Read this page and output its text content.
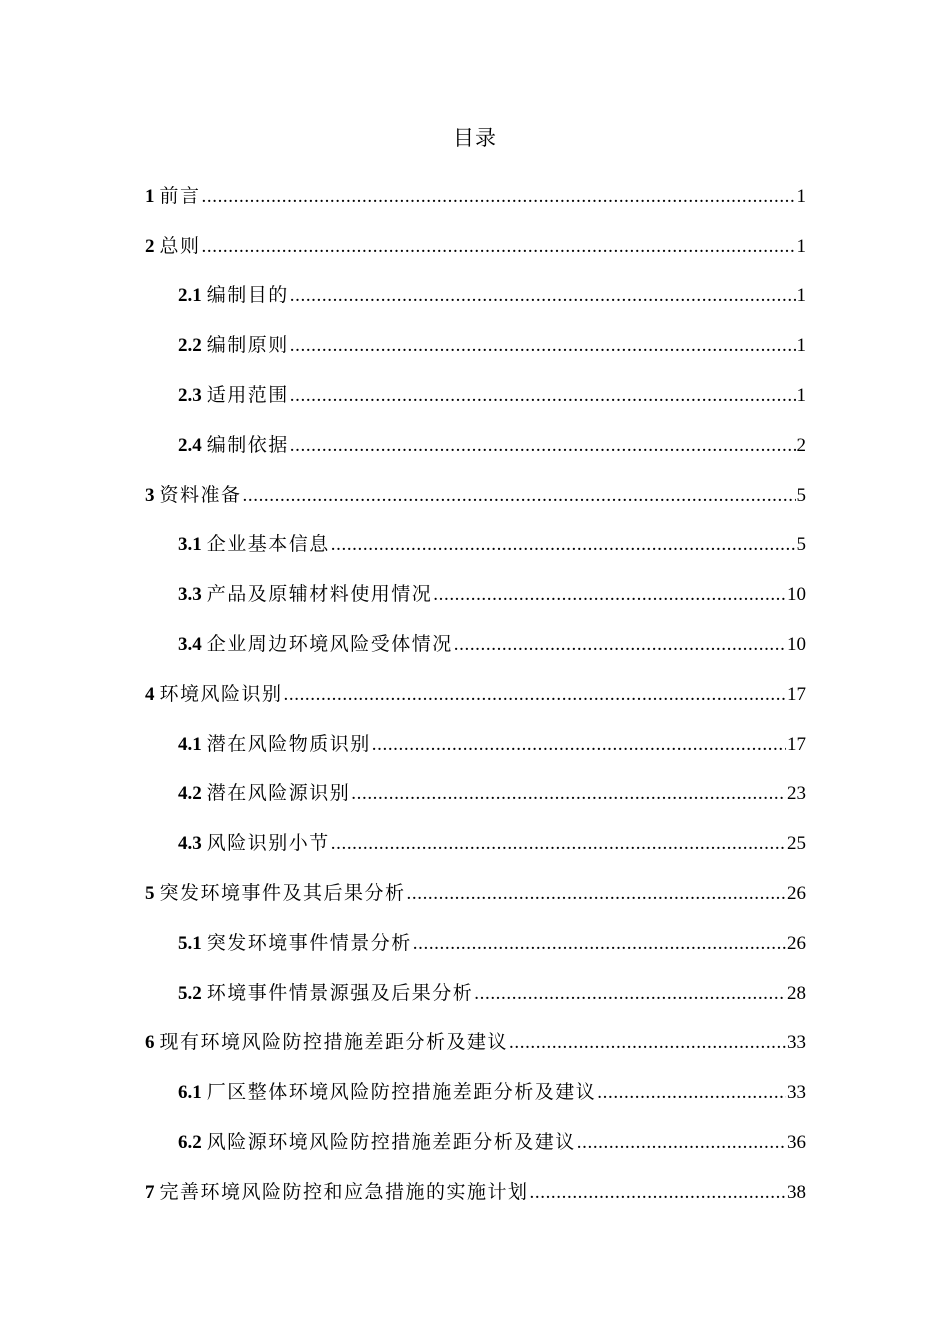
目录
1 前言 .....	1
2 总则 .....	1
2.1 编制目的 .....	1
2.2 编制原则 .....	1
2.3 适用范围 .....	1
2.4 编制依据 .....	2
3 资料准备 .....	5
3.1 企业基本信息 .....	5
3.3 产品及原辅材料使用情况 .....	10
3.4 企业周边环境风险受体情况 .....	10
4 环境风险识别 .....	17
4.1 潜在风险物质识别 .....	17
4.2 潜在风险源识别 .....	23
4.3 风险识别小节 .....	25
5 突发环境事件及其后果分析 .....	26
5.1 突发环境事件情景分析 .....	26
5.2 环境事件情景源强及后果分析 .....	28
6 现有环境风险防控措施差距分析及建议 .....	33
6.1 厂区整体环境风险防控措施差距分析及建议 .....	33
6.2 风险源环境风险防控措施差距分析及建议 .....	36
7 完善环境风险防控和应急措施的实施计划 .....	38
